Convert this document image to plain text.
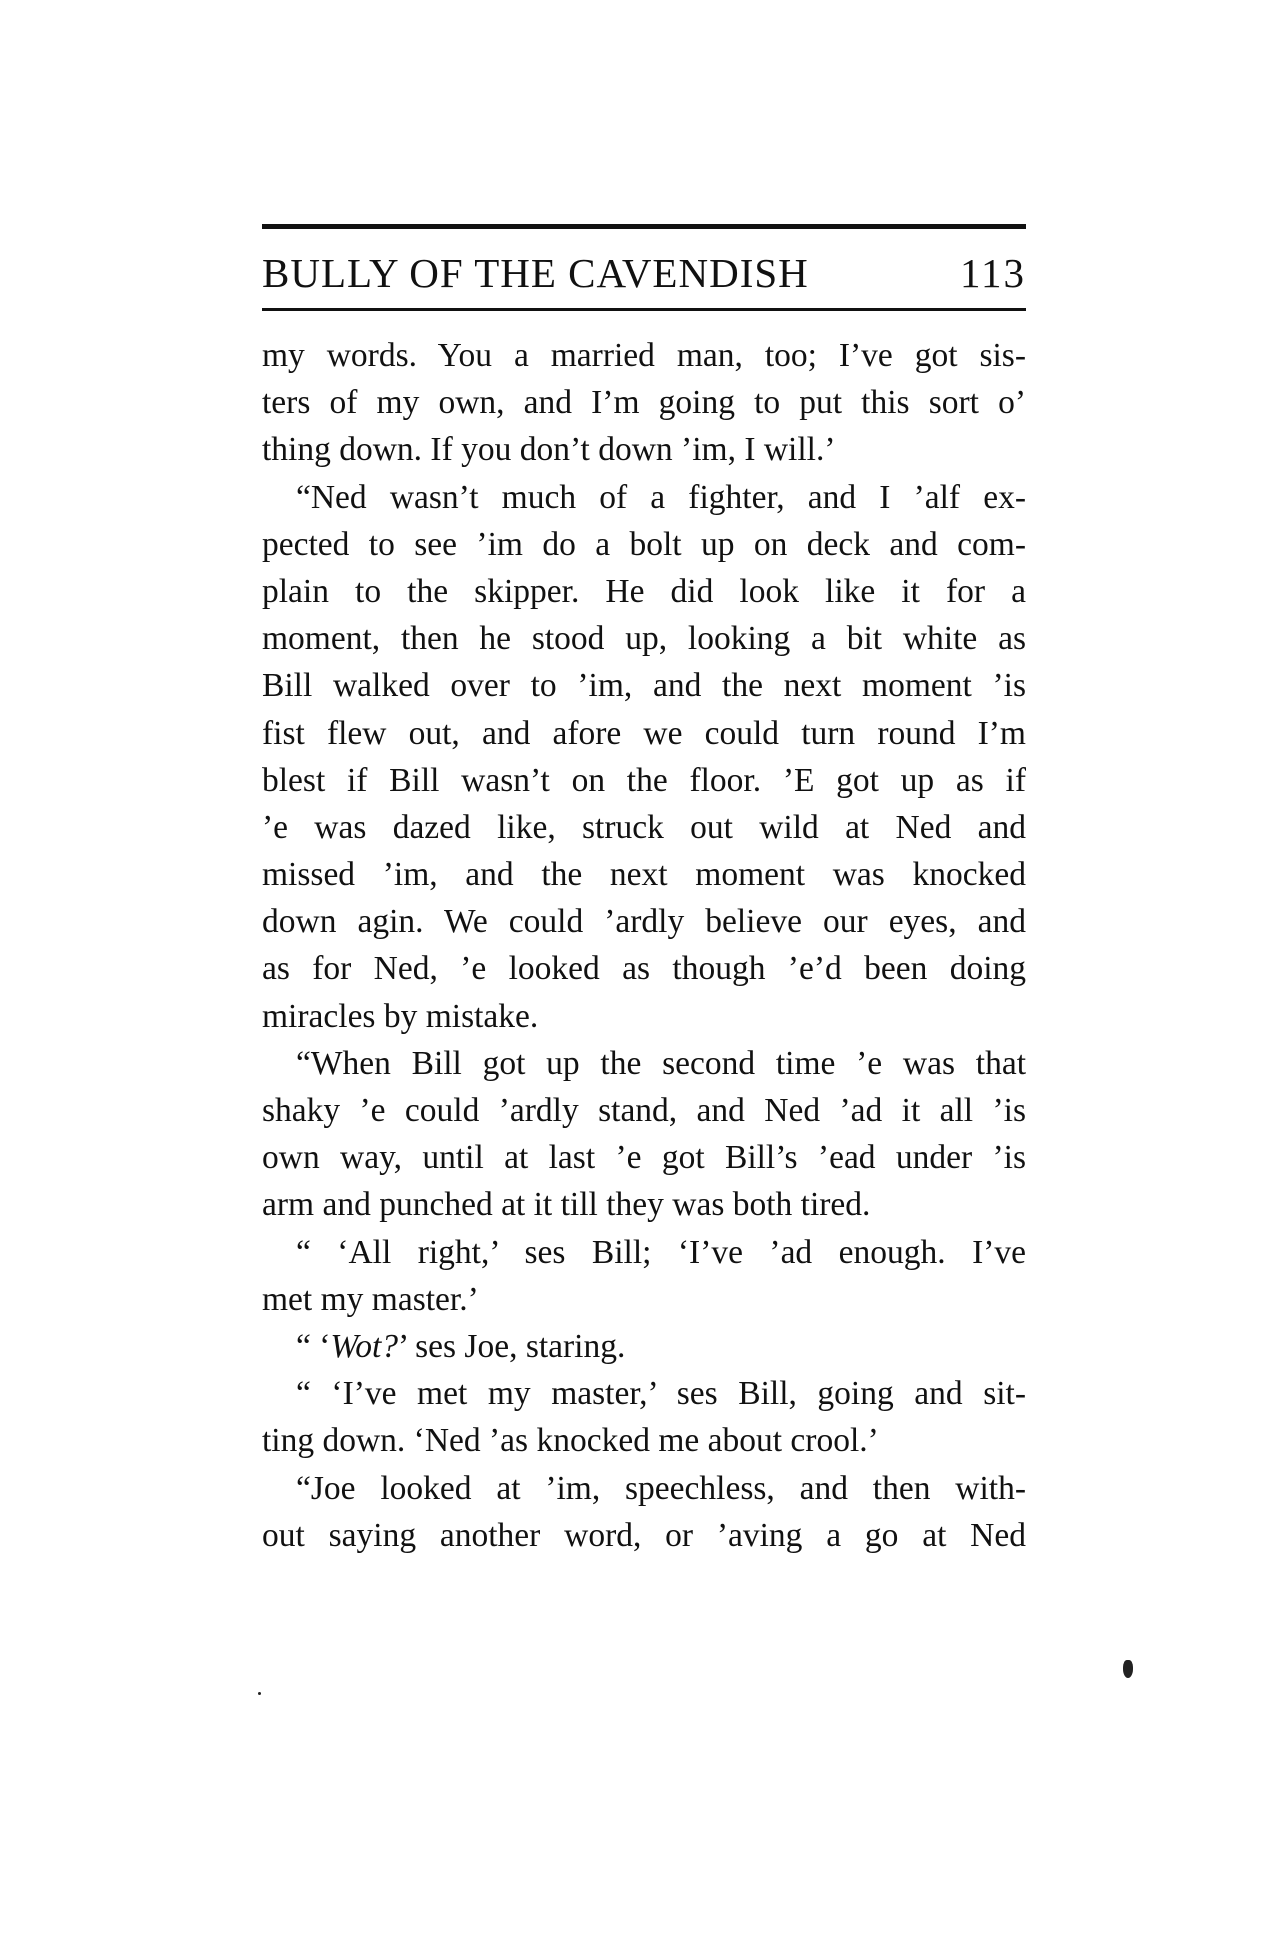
BULLY OF THE CAVENDISH	113
my words. You a married man, too; I’ve got sis-
ters of my own, and I’m going to put this sort o’
thing down. If you don’t down ’im, I will.’
“Ned wasn’t much of a fighter, and I ’alf ex-
pected to see ’im do a bolt up on deck and com-
plain to the skipper. He did look like it for a
moment, then he stood up, looking a bit white as
Bill walked over to ’im, and the next moment ’is
fist flew out, and afore we could turn round I’m
blest if Bill wasn’t on the floor. ’E got up as if
’e was dazed like, struck out wild at Ned and
missed ’im, and the next moment was knocked
down agin. We could ’ardly believe our eyes, and
as for Ned, ’e looked as though ’e’d been doing
miracles by mistake.
“When Bill got up the second time ’e was that
shaky ’e could ’ardly stand, and Ned ’ad it all ’is
own way, until at last ’e got Bill’s ’ead under ’is
arm and punched at it till they was both tired.
“ ‘All right,’ ses Bill; ‘I’ve ’ad enough. I’ve
met my master.’
“ ‘Wot?’ ses Joe, staring.
“ ‘I’ve met my master,’ ses Bill, going and sit-
ting down. ‘Ned ’as knocked me about crool.’
“Joe looked at ’im, speechless, and then with-
out saying another word, or ’aving a go at Ned
